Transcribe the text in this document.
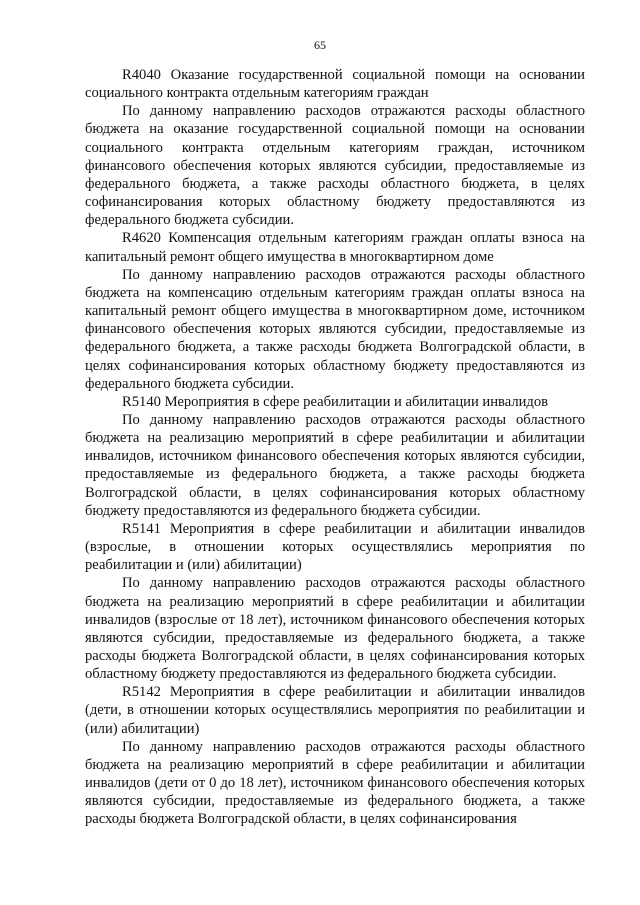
65

R4040 Оказание государственной социальной помощи на основании социального контракта отдельным категориям граждан

По данному направлению расходов отражаются расходы областного бюджета на оказание государственной социальной помощи на основании социального контракта отдельным категориям граждан, источником финансового обеспечения которых являются субсидии, предоставляемые из федерального бюджета, а также расходы областного бюджета, в целях софинансирования которых областному бюджету предоставляются из федерального бюджета субсидии.

R4620 Компенсация отдельным категориям граждан оплаты взноса на капитальный ремонт общего имущества в многоквартирном доме

По данному направлению расходов отражаются расходы областного бюджета на компенсацию отдельным категориям граждан оплаты взноса на капитальный ремонт общего имущества в многоквартирном доме, источником финансового обеспечения которых являются субсидии, предоставляемые из федерального бюджета, а также расходы бюджета Волгоградской области, в целях софинансирования которых областному бюджету предоставляются из федерального бюджета субсидии.

R5140 Мероприятия в сфере реабилитации и абилитации инвалидов

По данному направлению расходов отражаются расходы областного бюджета на реализацию мероприятий в сфере реабилитации и абилитации инвалидов, источником финансового обеспечения которых являются субсидии, предоставляемые из федерального бюджета, а также расходы бюджета Волгоградской области, в целях софинансирования которых областному бюджету предоставляются из федерального бюджета субсидии.

R5141 Мероприятия в сфере реабилитации и абилитации инвалидов (взрослые, в отношении которых осуществлялись мероприятия по реабилитации и (или) абилитации)

По данному направлению расходов отражаются расходы областного бюджета на реализацию мероприятий в сфере реабилитации и абилитации инвалидов (взрослые от 18 лет), источником финансового обеспечения которых являются субсидии, предоставляемые из федерального бюджета, а также расходы бюджета Волгоградской области, в целях софинансирования которых областному бюджету предоставляются из федерального бюджета субсидии.

R5142 Мероприятия в сфере реабилитации и абилитации инвалидов (дети, в отношении которых осуществлялись мероприятия по реабилитации и (или) абилитации)

По данному направлению расходов отражаются расходы областного бюджета на реализацию мероприятий в сфере реабилитации и абилитации инвалидов (дети от 0 до 18 лет), источником финансового обеспечения которых являются субсидии, предоставляемые из федерального бюджета, а также расходы бюджета Волгоградской области, в целях софинансирования
